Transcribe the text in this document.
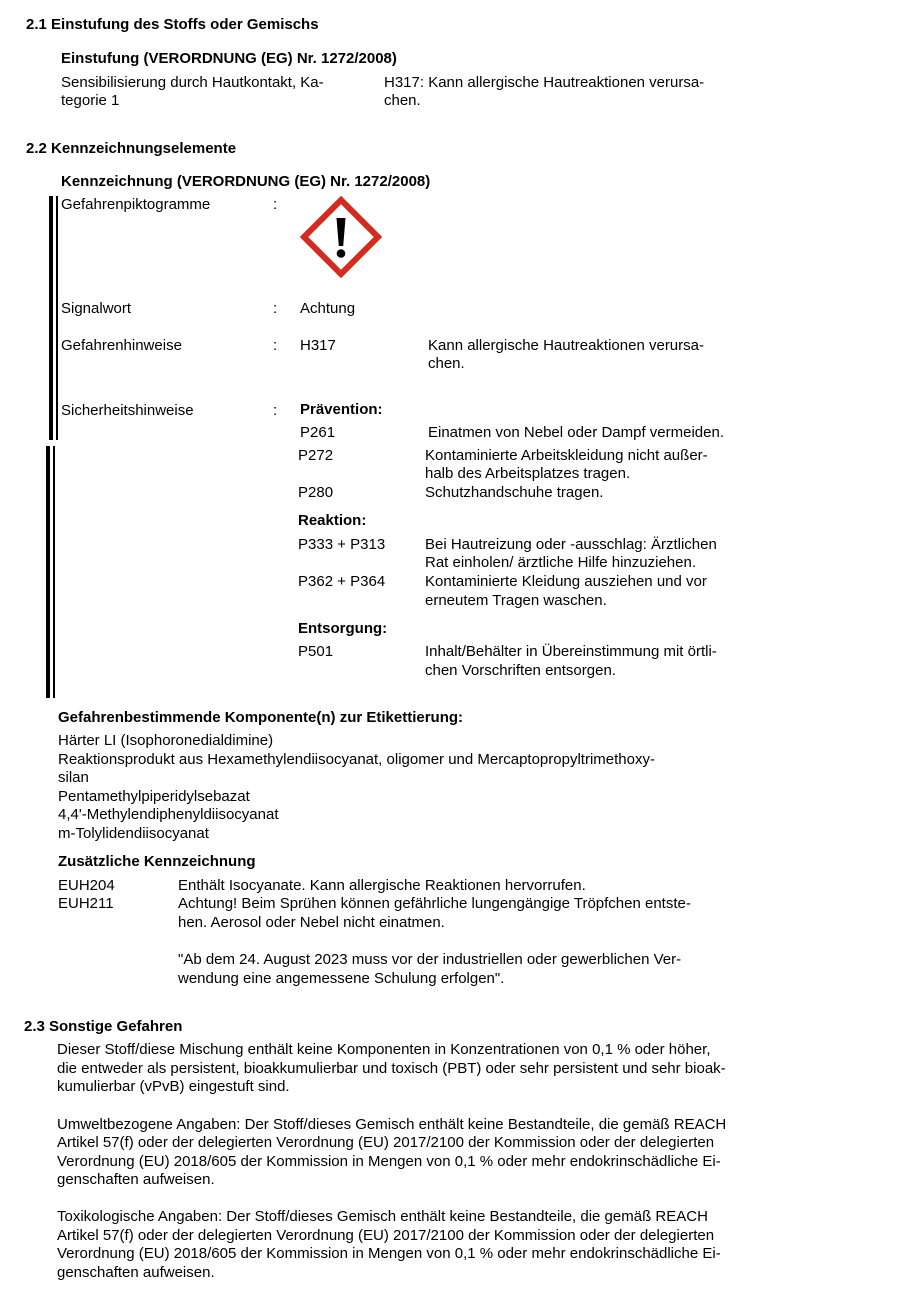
2.1 Einstufung des Stoffs oder Gemischs
Einstufung (VERORDNUNG (EG) Nr. 1272/2008)
Sensibilisierung durch Hautkontakt, Ka-
tegorie 1
H317: Kann allergische Hautreaktionen verursa-
chen.
2.2 Kennzeichnungselemente
Kennzeichnung (VERORDNUNG (EG) Nr. 1272/2008)
Gefahrenpiktogramme	:
Signalwort	: Achtung
Gefahrenhinweise	: H317	Kann allergische Hautreaktionen verursa-
chen.
Sicherheitshinweise	: Prävention:
P261	Einatmen von Nebel oder Dampf vermeiden.
P272	Kontaminierte Arbeitskleidung nicht außer-
halb des Arbeitsplatzes tragen.
P280	Schutzhandschuhe tragen.
Reaktion:
P333 + P313	Bei Hautreizung oder -ausschlag: Ärztlichen
Rat einholen/ ärztliche Hilfe hinzuziehen.
P362 + P364	Kontaminierte Kleidung ausziehen und vor
erneutem Tragen waschen.
Entsorgung:
P501	Inhalt/Behälter in Übereinstimmung mit örtli-
chen Vorschriften entsorgen.
Gefahrenbestimmende Komponente(n) zur Etikettierung:
Härter LI (Isophoronedialdimine)
Reaktionsprodukt aus Hexamethylendiisocyanat, oligomer und Mercaptopropyltrimethoxy-
silan
Pentamethylpiperidylsebazat
4,4'-Methylendiphenyldiisocyanat
m-Tolylidendiisocyanat
Zusätzliche Kennzeichnung
EUH204	Enthält Isocyanate. Kann allergische Reaktionen hervorrufen.
EUH211	Achtung! Beim Sprühen können gefährliche lungengängige Tröpfchen entste-
hen. Aerosol oder Nebel nicht einatmen.
"Ab dem 24. August 2023 muss vor der industriellen oder gewerblichen Ver-
wendung eine angemessene Schulung erfolgen".
2.3 Sonstige Gefahren
Dieser Stoff/diese Mischung enthält keine Komponenten in Konzentrationen von 0,1 % oder höher,
die entweder als persistent, bioakkumulierbar und toxisch (PBT) oder sehr persistent und sehr bioak-
kumulierbar (vPvB) eingestuft sind.
Umweltbezogene Angaben: Der Stoff/dieses Gemisch enthält keine Bestandteile, die gemäß REACH
Artikel 57(f) oder der delegierten Verordnung (EU) 2017/2100 der Kommission oder der delegierten
Verordnung (EU) 2018/605 der Kommission in Mengen von 0,1 % oder mehr endokrinschädliche Ei-
genschaften aufweisen.
Toxikologische Angaben: Der Stoff/dieses Gemisch enthält keine Bestandteile, die gemäß REACH
Artikel 57(f) oder der delegierten Verordnung (EU) 2017/2100 der Kommission oder der delegierten
Verordnung (EU) 2018/605 der Kommission in Mengen von 0,1 % oder mehr endokrinschädliche Ei-
genschaften aufweisen.
